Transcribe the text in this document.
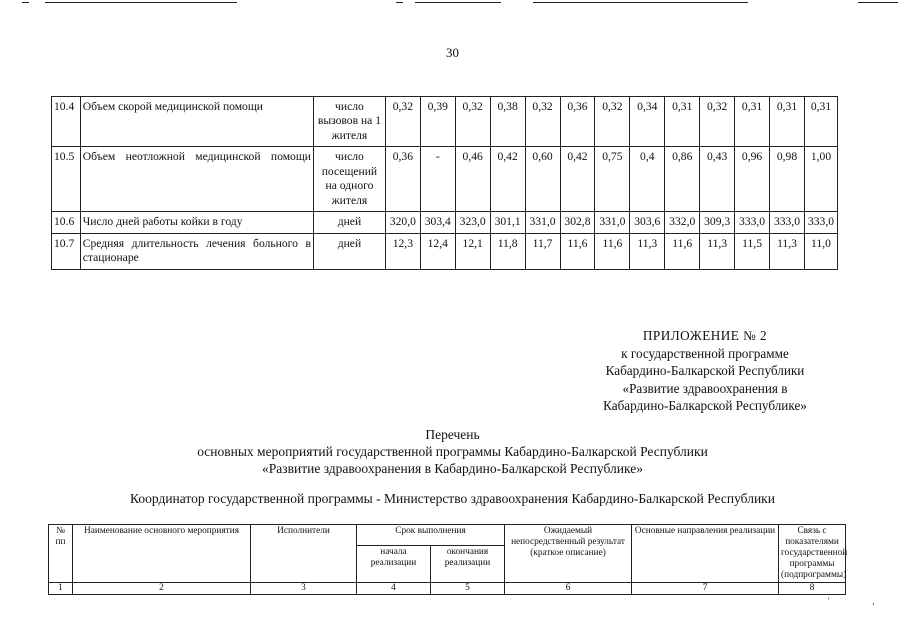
30
10.4	Объем скорой медицинской помощи	число вызовов на 1 жителя	0,32	0,39	0,32	0,38	0,32	0,36	0,32	0,34	0,31	0,32	0,31	0,31	0,31
10.5	Объем неотложной медицинской помощи	число посещений на одного жителя	0,36	-	0,46	0,42	0,60	0,42	0,75	0,4	0,86	0,43	0,96	0,98	1,00
10.6	Число дней работы койки в году	дней	320,0	303,4	323,0	301,1	331,0	302,8	331,0	303,6	332,0	309,3	333,0	333,0	333,0
10.7	Средняя длительность лечения больного в стационаре	дней	12,3	12,4	12,1	11,8	11,7	11,6	11,6	11,3	11,6	11,3	11,5	11,3	11,0
ПРИЛОЖЕНИЕ № 2
к государственной программе
Кабардино-Балкарской Республики
«Развитие здравоохранения в
Кабардино-Балкарской Республике»
Перечень
основных мероприятий государственной программы Кабардино-Балкарской Республики
«Развитие здравоохранения в Кабардино-Балкарской Республике»
Координатор государственной программы - Министерство здравоохранения Кабардино-Балкарской Республики
№ пп	Наименование основного мероприятия	Исполнители	Срок выполнения		Ожидаемый непосредственный результат (краткое описание)	Основные направления реализации	Связь с показателями государственной программы (подпрограммы)
			начала реализации	окончания реализации			
1	2	3	4	5	6	7	8
' ‚
